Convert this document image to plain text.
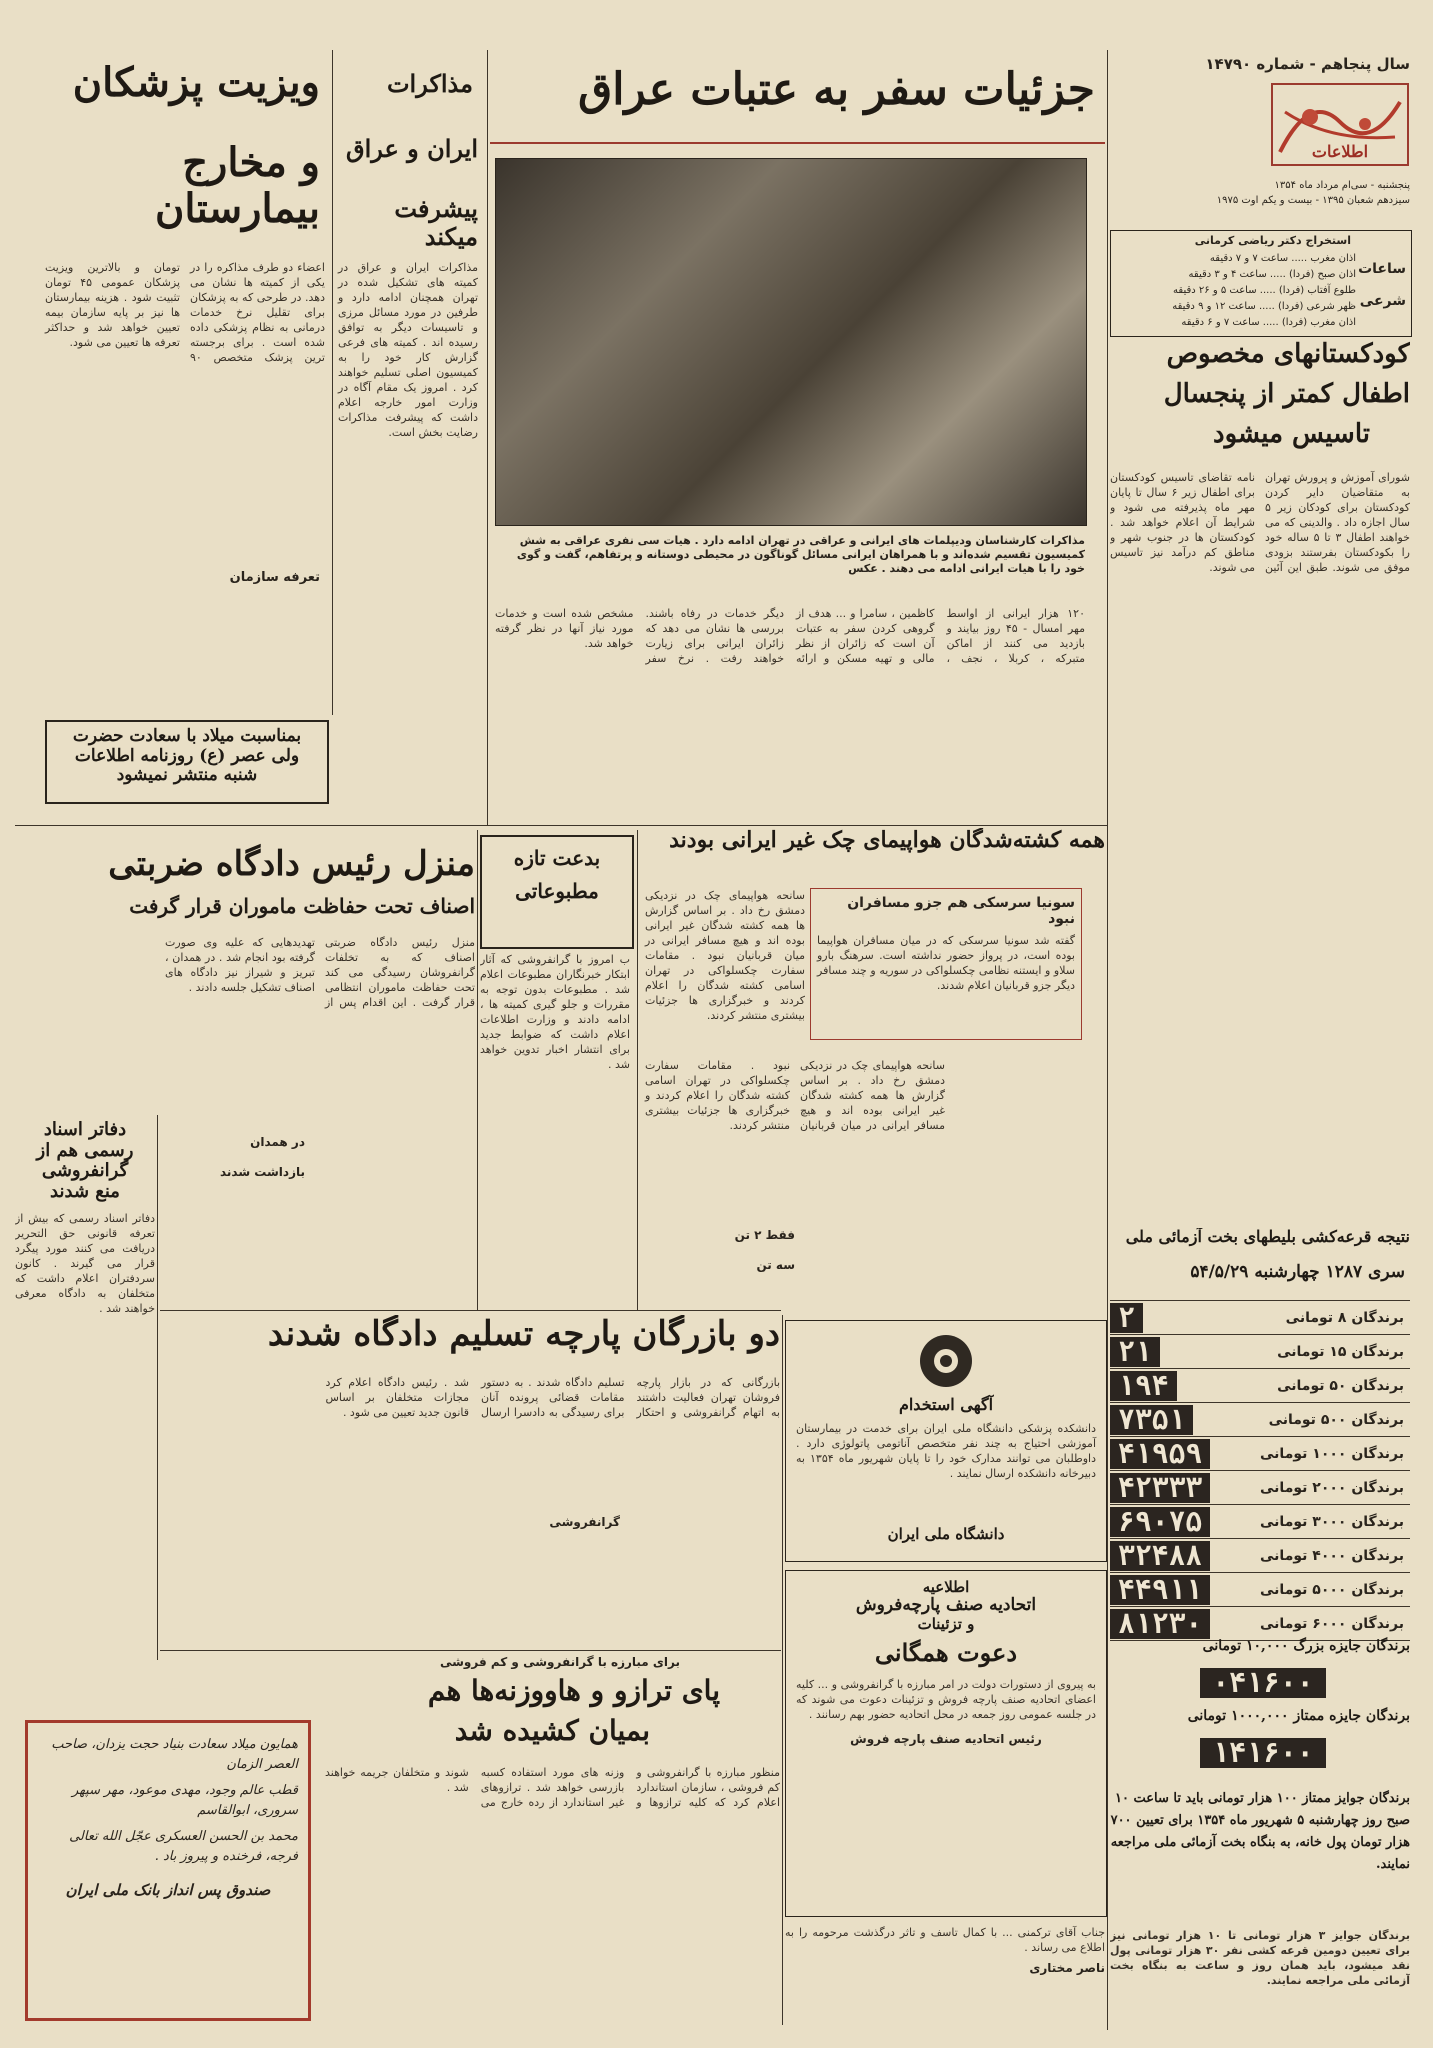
سال پنجاهم - شماره ۱۴۷۹۰
اطلاعات
پنجشنبه - سی‌ام مرداد ماه ۱۳۵۴
سیزدهم شعبان ۱۳۹۵ - بیست و یکم اوت ۱۹۷۵
جزئیات سفر به عتبات عراق
مذاکرات کارشناسان ودیپلمات های ایرانی و عراقی در تهران ادامه دارد . هیات سی نفری عراقی به شش کمیسیون تقسیم شده‌اند و با همراهان ایرانی مسائل گوناگون در محیطی دوستانه و پرتفاهم، گفت و گوی خود را با هیات ایرانی ادامه می دهند . عکس
۱۲۰ هزار ایرانی از اواسط مهر امسال - ۴۵ روز بیایند و بازدید می کنند از اماکن متبرکه ، کربلا ، نجف ، کاظمین ، سامرا و ... هدف از گروهی کردن سفر به عتبات آن است که زائران از نظر مالی و تهیه مسکن و ارائه دیگر خدمات در رفاه باشند. بررسی ها نشان می دهد که زائران ایرانی برای زیارت خواهند رفت . نرخ سفر مشخص شده است و خدمات مورد نیاز آنها در نظر گرفته خواهد شد.
مذاکرات
ایران و عراق
پیشرفت میکند
مذاکرات ایران و عراق در کمیته های تشکیل شده در تهران همچنان ادامه دارد و طرفین در مورد مسائل مرزی و تاسیسات دیگر به توافق رسیده اند . کمیته های فرعی گزارش کار خود را به کمیسیون اصلی تسلیم خواهند کرد . امروز یک مقام آگاه در وزارت امور خارجه اعلام داشت که پیشرفت مذاکرات رضایت بخش است.
ویزیت پزشکان
و مخارج بیمارستان
اعضاء دو طرف مذاکره را در یکی از کمیته ها نشان می دهد. در طرحی که به پزشکان برای تقلیل نرخ خدمات درمانی به نظام پزشکی داده شده است . برای برجسته ترین پزشک متخصص ۹۰ تومان و بالاترین ویزیت پزشکان عمومی ۴۵ تومان تثبیت شود . هزینه بیمارستان ها نیز بر پایه سازمان بیمه تعیین خواهد شد و حداکثر تعرفه ها تعیین می شود.
تعرفه سازمان
بمناسبت میلاد با سعادت حضرت
ولی عصر (ع) روزنامه اطلاعات
شنبه منتشر نمیشود
استخراج دکتر ریاضی کرمانی
ساعات
شرعی
اذان مغرب ..... ساعت ۷ و ۷ دقیقه
اذان صبح (فردا) ..... ساعت ۴ و ۳ دقیقه
طلوع آفتاب (فردا) ..... ساعت ۵ و ۲۶ دقیقه
ظهر شرعی (فردا) ..... ساعت ۱۲ و ۹ دقیقه
اذان مغرب (فردا) ..... ساعت ۷ و ۶ دقیقه
کودکستانهای مخصوص
اطفال کمتر از پنجسال
تاسیس میشود
شورای آموزش و پرورش تهران به متقاضیان دایر کردن کودکستان برای کودکان زیر ۵ سال اجازه داد . والدینی که می خواهند اطفال ۳ تا ۵ ساله خود را بکودکستان بفرستند بزودی موفق می شوند. طبق این آئین نامه تقاضای تاسیس کودکستان برای اطفال زیر ۶ سال تا پایان مهر ماه پذیرفته می شود و شرایط آن اعلام خواهد شد . کودکستان ها در جنوب شهر و مناطق کم درآمد نیز تاسیس می شوند.
همه کشته‌شدگان هواپیمای چک‌ غیر ایرانی بودند
سونیا سرسکی هم جزو مسافران نبود
گفته شد سونیا سرسکی که در میان مسافران هواپیما بوده است، در پرواز حضور نداشته است. سرهنگ بارو سلاو و ایستنه نظامی چکسلواکی در سوریه و چند مسافر دیگر جزو قربانیان اعلام شدند.
سانحه هواپیمای چک در نزدیکی دمشق رخ داد . بر اساس گزارش ها همه کشته شدگان غیر ایرانی بوده اند و هیچ مسافر ایرانی در میان قربانیان نبود . مقامات سفارت چکسلواکی در تهران اسامی کشته شدگان را اعلام کردند و خبرگزاری ها جزئیات بیشتری منتشر کردند.
سانحه هواپیمای چک در نزدیکی دمشق رخ داد . بر اساس گزارش ها همه کشته شدگان غیر ایرانی بوده اند و هیچ مسافر ایرانی در میان قربانیان نبود . مقامات سفارت چکسلواکی در تهران اسامی کشته شدگان را اعلام کردند و خبرگزاری ها جزئیات بیشتری منتشر کردند.
فقط ۲ تن
سه تن
بدعت تازه
مطبوعاتی
ب امروز با گرانفروشی که آثار ابتکار خبرنگاران مطبوعات اعلام شد . مطبوعات بدون توجه به مقررات و جلو گیری کمیته ها ، ادامه دادند و وزارت اطلاعات اعلام داشت که ضوابط جدید برای انتشار اخبار تدوین خواهد شد .
منزل رئیس دادگاه ضربتی
اصناف تحت حفاظت ماموران قرار گرفت
منزل رئیس دادگاه ضربتی اصناف که به تخلفات گرانفروشان رسیدگی می کند تحت حفاظت ماموران انتظامی قرار گرفت . این اقدام پس از تهدیدهایی که علیه وی صورت گرفته بود انجام شد . در همدان ، تبریز و شیراز نیز دادگاه های اصناف تشکیل جلسه دادند .
در همدان
بازداشت شدند
دفاتر اسناد
رسمی هم از
گرانفروشی
منع شدند
دفاتر اسناد رسمی که بیش از تعرفه قانونی حق التحریر دریافت می کنند مورد پیگرد قرار می گیرند . کانون سردفتران اعلام داشت که متخلفان به دادگاه معرفی خواهند شد .
دو بازرگان پارچه تسلیم دادگاه شدند
بازرگانی که در بازار پارچه فروشان تهران فعالیت داشتند به اتهام گرانفروشی و احتکار تسلیم دادگاه شدند . به دستور مقامات قضائی پرونده آنان برای رسیدگی به دادسرا ارسال شد . رئیس دادگاه اعلام کرد مجازات متخلفان بر اساس قانون جدید تعیین می شود .
گرانفروشی
برای مبارزه با گرانفروشی و کم فروشی
پای ترازو و هاووزنه‌ها هم
بمیان کشیده شد
منظور مبارزه با گرانفروشی و کم فروشی ، سازمان استاندارد اعلام کرد که کلیه ترازوها و وزنه های مورد استفاده کسبه بازرسی خواهد شد . ترازوهای غیر استاندارد از رده خارج می شوند و متخلفان جریمه خواهند شد .
آگهی استخدام
دانشکده پزشکی دانشگاه ملی ایران برای خدمت در بیمارستان آموزشی احتیاج به چند نفر متخصص آناتومی پاتولوژی دارد . داوطلبان می توانند مدارک خود را تا پایان شهریور ماه ۱۳۵۴ به دبیرخانه دانشکده ارسال نمایند .
دانشگاه ملی ایران
اطلاعیه
اتحادیه صنف پارچه‌فروش
و تزئینات
دعوت همگانی
به پیروی از دستورات دولت در امر مبارزه با گرانفروشی و ... کلیه اعضای اتحادیه صنف پارچه فروش و تزئینات دعوت می شوند که در جلسه عمومی روز جمعه در محل اتحادیه حضور بهم رسانند .
رئیس اتحادیه صنف پارچه فروش
جناب آقای ترکمنی ... با کمال تاسف و تاثر درگذشت مرحومه را به اطلاع می رساند .
ناصر مختاری
همایون میلاد سعادت بنیاد حجت یزدان، صاحب العصر الزمان
قطب عالم وجود، مهدی موعود، مهر سپهر سروری، ابوالقاسم
محمد بن الحسن العسکری عجّل الله تعالی فرجه، فرخنده و پیروز باد .
صندوق پس انداز بانک ملی ایران
نتیجه قرعه‌کشی بلیطهای بخت آزمائی ملی
سری ۱۲۸۷ چهارشنبه ۵۴/۵/۲۹
برندگان ۸ تومانی
۲
برندگان ۱۵ تومانی
۲۱
برندگان ۵۰ تومانی
۱۹۴
برندگان ۵۰۰ تومانی
۷۳۵۱
برندگان ۱۰۰۰ تومانی
۴۱۹۵۹
برندگان ۲۰۰۰ تومانی
۴۲۳۳۳
برندگان ۳۰۰۰ تومانی
۶۹۰۷۵
برندگان ۴۰۰۰ تومانی
۳۲۴۸۸
برندگان ۵۰۰۰ تومانی
۴۴۹۱۱
برندگان ۶۰۰۰ تومانی
۸۱۲۳۰
برندگان جایزه بزرگ ۱۰,۰۰۰ تومانی
۰۴۱۶۰۰
برندگان جایزه ممتاز ۱۰۰۰,۰۰۰ تومانی
۱۴۱۶۰۰
برندگان جوایز ممتاز ۱۰۰ هزار تومانی باید تا ساعت ۱۰ صبح روز چهارشنبه ۵ شهریور ماه ۱۳۵۴ برای تعیین ۷۰۰ هزار تومان پول خانه، به بنگاه بخت آزمائی ملی مراجعه نمایند.
برندگان جوایز ۳ هزار تومانی تا ۱۰ هزار تومانی نیز برای تعیین دومین قرعه کشی نفر ۳۰ هزار تومانی پول نقد میشود، باید همان روز و ساعت به بنگاه بخت آزمائی ملی مراجعه نمایند.
